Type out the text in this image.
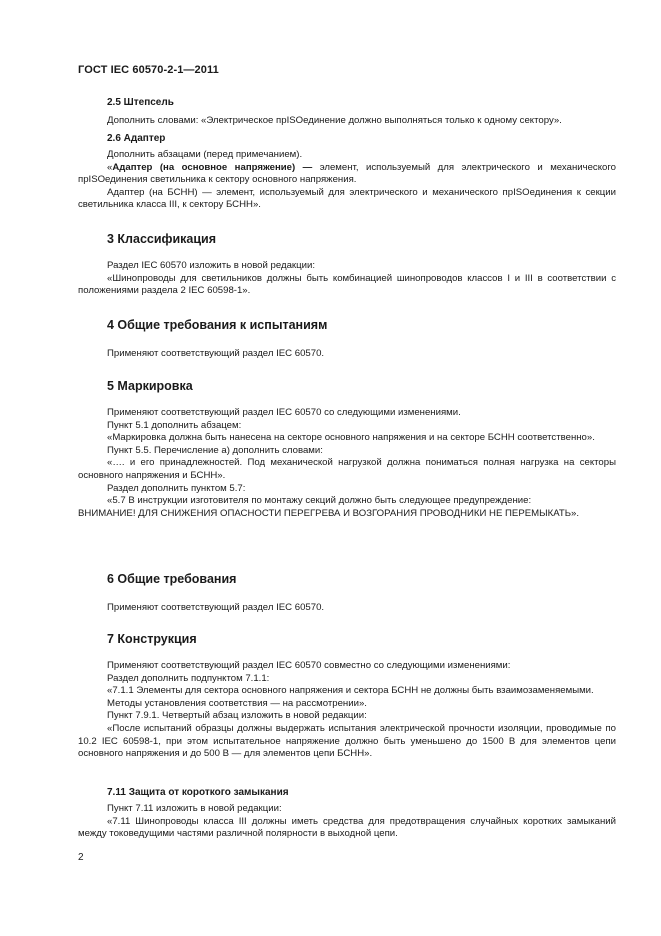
ГОСТ IEC 60570-2-1—2011
2.5 Штепсель

Дополнить словами: «Электрическое пpISOединение должно выполняться только к одному сектору».

2.6 Адаптер

Дополнить абзацами (перед примечанием).

«Адаптер (на основное напряжение) — элемент, используемый для электрического и механического пpISOединения светильника к сектору основного напряжения.

Адаптер (на БСНН) — элемент, используемый для электрического и механического пpISOединения к секции светильника класса III, к сектору БСНН».

3 Классификация

Раздел IEC 60570 изложить в новой редакции:

«Шинопроводы для светильников должны быть комбинацией шинопроводов классов I и III в соответствии с положениями раздела 2 IEC 60598-1».

4 Общие требования к испытаниям

Применяют соответствующий раздел IEC 60570.

5 Маркировка

Применяют соответствующий раздел IEC 60570 со следующими изменениями.

Пункт 5.1 дополнить абзацем:

«Маркировка должна быть нанесена на секторе основного напряжения и на секторе БСНН соответственно».

Пункт 5.5. Перечисление a) дополнить словами:

«…. и его принадлежностей. Под механической нагрузкой должна пониматься полная нагрузка на секторы основного напряжения и БСНН».

Раздел дополнить пунктом 5.7:

«5.7 В инструкции изготовителя по монтажу секций должно быть следующее предупреждение:

ВНИМАНИЕ! ДЛЯ СНИЖЕНИЯ ОПАСНОСТИ ПЕРЕГРЕВА И ВОЗГОРАНИЯ ПРОВОДНИКИ НЕ ПЕРЕМЫКАТЬ».

6 Общие требования

Применяют соответствующий раздел IEC 60570.

7 Конструкция

Применяют соответствующий раздел IEC 60570 совместно со следующими изменениями:

Раздел дополнить подпунктом 7.1.1:

«7.1.1 Элементы для сектора основного напряжения и сектора БСНН не должны быть взаимозаменяемыми.

Методы установления соответствия — на рассмотрении».

Пункт 7.9.1. Четвертый абзац изложить в новой редакции:

«После испытаний образцы должны выдержать испытания электрической прочности изоляции, проводимые по 10.2 IEC 60598-1, при этом испытательное напряжение должно быть уменьшено до 1500 В для элементов цепи основного напряжения и до 500 В — для элементов цепи БСНН».

7.11 Защита от короткого замыкания

Пункт 7.11 изложить в новой редакции:

«7.11 Шинопроводы класса III должны иметь средства для предотвращения случайных коротких замыканий между токоведущими частями различной полярности в выходной цепи.

2
